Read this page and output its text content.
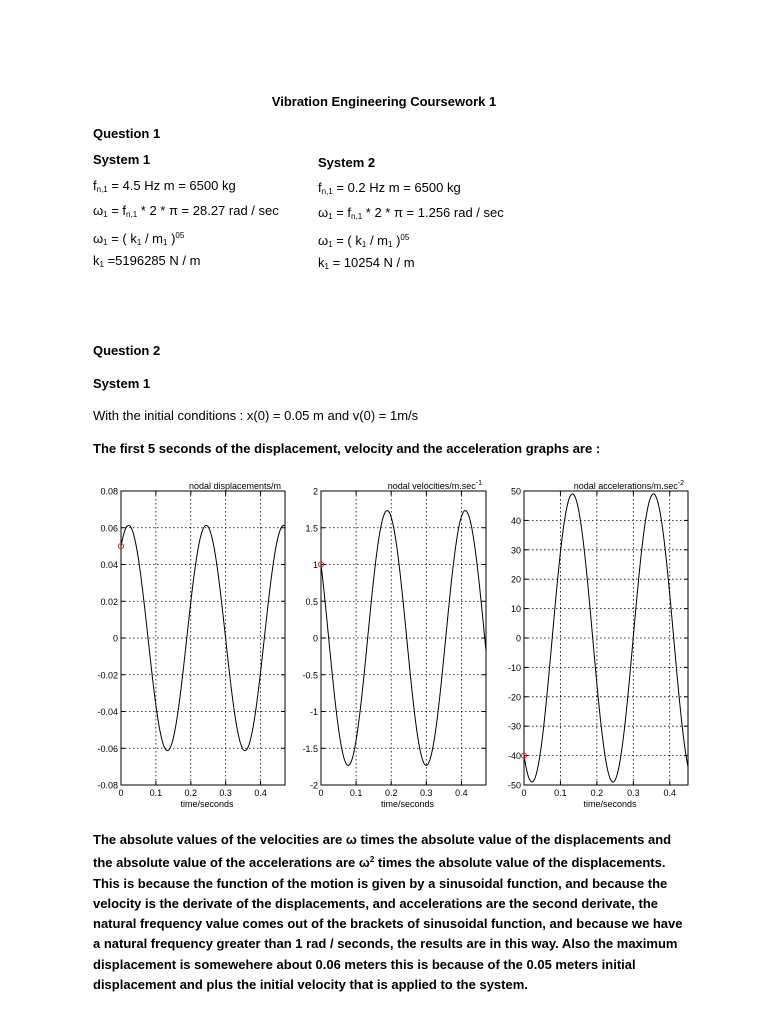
Vibration Engineering Coursework 1
Question 1
System 1
$f_{n,1} = 4.5$ Hz m = 6500 kg
$\omega_1 = f_{n,1} * 2 * \pi = 28.27$ rad / sec
$\omega_1$ = ( $k_1 / m_1$ )$^{05}$
$k_1 =5196285$ N / m
System 2
$f_{n,1} = 0.2$ Hz m = 6500 kg
$\omega_1 = f_{n,1} * 2 * \pi = 1.256$ rad / sec
$\omega_1$ = ( $k_1 / m_1$ )$^{05}$
$k_1 = 10254$ N / m
Question 2
System 1
With the initial conditions : x(0) = 0.05 m and v(0) = 1m/s
The first 5 seconds of the displacement, velocity and the acceleration graphs are :
0.08
0.06
0.04
0.02
0
-0.02
-0.04
-0.06
-0.08
0	0.1 0.2 0.3 0.4
time/seconds
nodal displacements/m
2
1.5
1
0.5
0
-0.5
-1
-1.5
-2
0	0.1	0.2	0.3	0.4
time/seconds
nodal velocities/$m.\sec^{-1}$
50
40
30
20
10
0
-10
-20
-30
-40
-50
0	0.1	0.2	0.3	0.4
time/seconds
nodal accelerations/$m.\sec^{-2}$
The absolute values of the velocities are ω times the absolute value of the displacements and the absolute value of the accelerations are $\omega^2$ times the absolute value of the displacements. This is because the function of the motion is given by a sinusoidal function, and because the velocity is the derivate of the displacements, and accelerations are the second derivate, the natural frequency value comes out of the brackets of sinusoidal function, and because we have a natural frequency greater than 1 rad / seconds, the results are in this way. Also the maximum displacement is somewehere about 0.06 meters this is because of the 0.05 meters initial displacement and plus the initial velocity that is applied to the system.
